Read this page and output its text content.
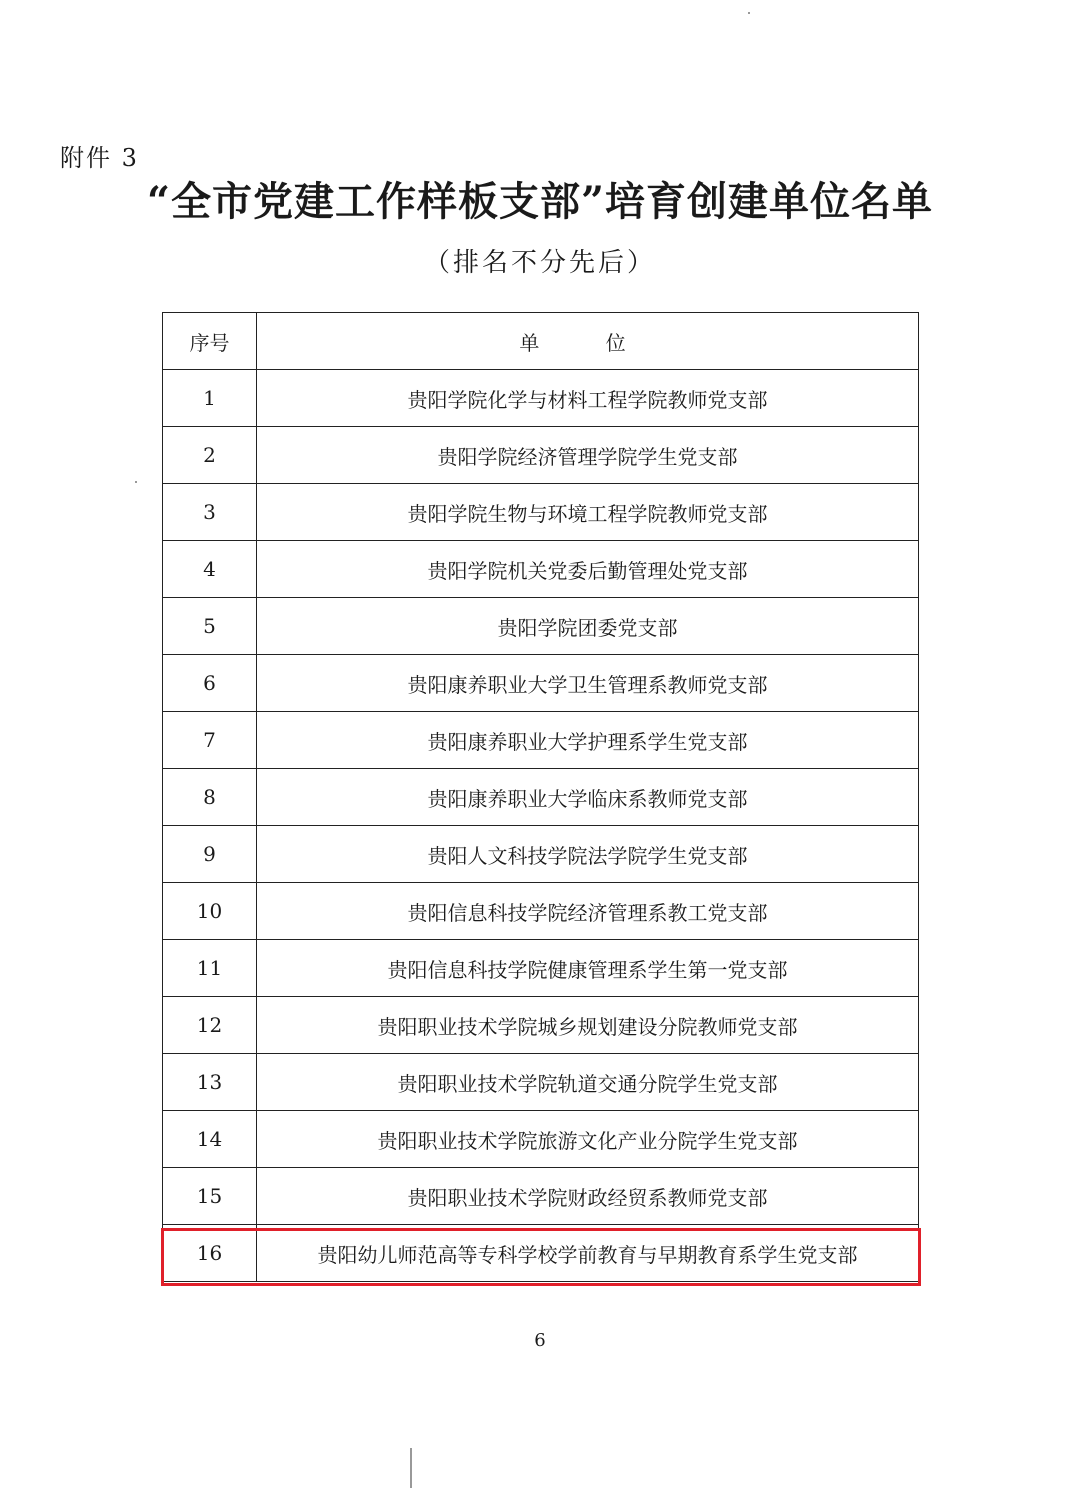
附件 3
“全市党建工作样板支部”培育创建单位名单
（排名不分先后）
序号	单 位
1	贵阳学院化学与材料工程学院教师党支部
2	贵阳学院经济管理学院学生党支部
3	贵阳学院生物与环境工程学院教师党支部
4	贵阳学院机关党委后勤管理处党支部
5	贵阳学院团委党支部
6	贵阳康养职业大学卫生管理系教师党支部
7	贵阳康养职业大学护理系学生党支部
8	贵阳康养职业大学临床系教师党支部
9	贵阳人文科技学院法学院学生党支部
10	贵阳信息科技学院经济管理系教工党支部
11	贵阳信息科技学院健康管理系学生第一党支部
12	贵阳职业技术学院城乡规划建设分院教师党支部
13	贵阳职业技术学院轨道交通分院学生党支部
14	贵阳职业技术学院旅游文化产业分院学生党支部
15	贵阳职业技术学院财政经贸系教师党支部
16	贵阳幼儿师范高等专科学校学前教育与早期教育系学生党支部
6
